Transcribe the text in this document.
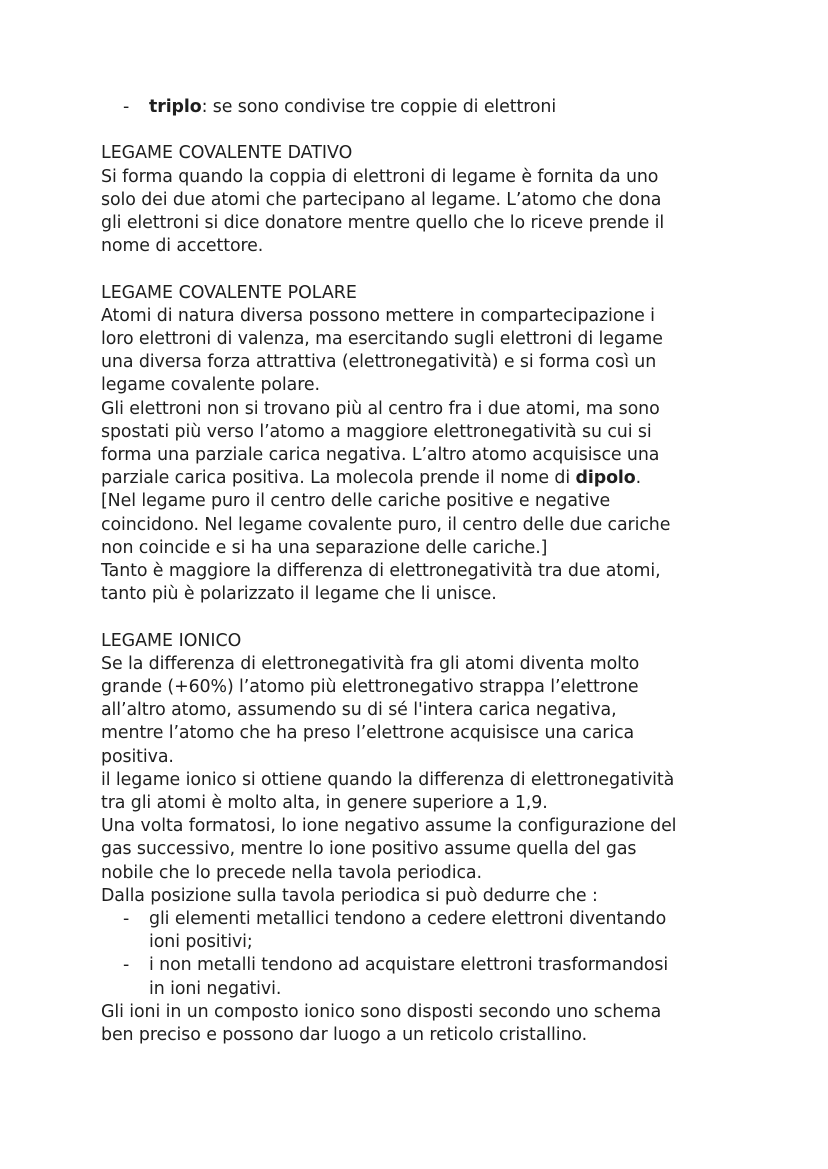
- triplo: se sono condivise tre coppie di elettroni
LEGAME COVALENTE DATIVO
Si forma quando la coppia di elettroni di legame è fornita da uno
solo dei due atomi che partecipano al legame. L’atomo che dona
gli elettroni si dice donatore mentre quello che lo riceve prende il
nome di accettore.
LEGAME COVALENTE POLARE
Atomi di natura diversa possono mettere in compartecipazione i
loro elettroni di valenza, ma esercitando sugli elettroni di legame
una diversa forza attrattiva (elettronegatività) e si forma così un
legame covalente polare.
Gli elettroni non si trovano più al centro fra i due atomi, ma sono
spostati più verso l’atomo a maggiore elettronegatività su cui si
forma una parziale carica negativa. L’altro atomo acquisisce una
parziale carica positiva. La molecola prende il nome di dipolo.
[Nel legame puro il centro delle cariche positive e negative
coincidono. Nel legame covalente puro, il centro delle due cariche
non coincide e si ha una separazione delle cariche.]
Tanto è maggiore la differenza di elettronegatività tra due atomi,
tanto più è polarizzato il legame che li unisce.
LEGAME IONICO
Se la differenza di elettronegatività fra gli atomi diventa molto
grande (+60%) l’atomo più elettronegativo strappa l’elettrone
all’altro atomo, assumendo su di sé l'intera carica negativa,
mentre l’atomo che ha preso l’elettrone acquisisce una carica
positiva.
il legame ionico si ottiene quando la differenza di elettronegatività
tra gli atomi è molto alta, in genere superiore a 1,9.
Una volta formatosi, lo ione negativo assume la configurazione del
gas successivo, mentre lo ione positivo assume quella del gas
nobile che lo precede nella tavola periodica.
Dalla posizione sulla tavola periodica si può dedurre che :
- gli elementi metallici tendono a cedere elettroni diventando
ioni positivi;
- i non metalli tendono ad acquistare elettroni trasformandosi
in ioni negativi.
Gli ioni in un composto ionico sono disposti secondo uno schema
ben preciso e possono dar luogo a un reticolo cristallino.
